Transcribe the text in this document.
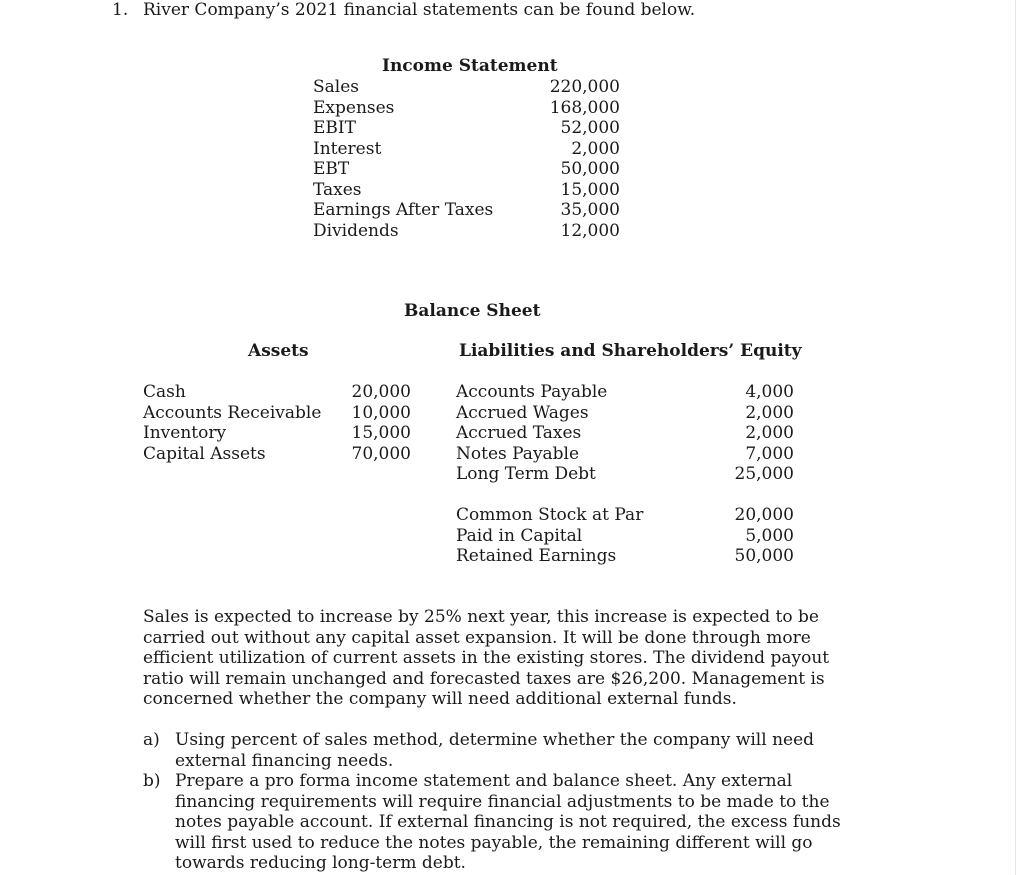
1. River Company’s 2021 financial statements can be found below.
Income Statement
Sales
Expenses
EBIT
Interest
EBT
Taxes
Earnings After Taxes
Dividends
220,000
168,000
52,000
2,000
50,000
15,000
35,000
12,000
Balance Sheet
Assets	Liabilities and Shareholders’ Equity
Cash
Accounts Receivable
Inventory
Capital Assets
20,000
10,000
15,000
70,000
Accounts Payable
Accrued Wages
Accrued Taxes
Notes Payable
Long Term Debt
4,000
2,000
2,000
7,000
25,000
Common Stock at Par
Paid in Capital
Retained Earnings
20,000
5,000
50,000
Sales is expected to increase by 25% next year, this increase is expected to be carried out without any capital asset expansion. It will be done through more efficient utilization of current assets in the existing stores. The dividend payout ratio will remain unchanged and forecasted taxes are $26,200. Management is concerned whether the company will need additional external funds.
a) Using percent of sales method, determine whether the company will need external financing needs.
b) Prepare a pro forma income statement and balance sheet. Any external financing requirements will require financial adjustments to be made to the notes payable account. If external financing is not required, the excess funds will first used to reduce the notes payable, the remaining different will go towards reducing long-term debt.
